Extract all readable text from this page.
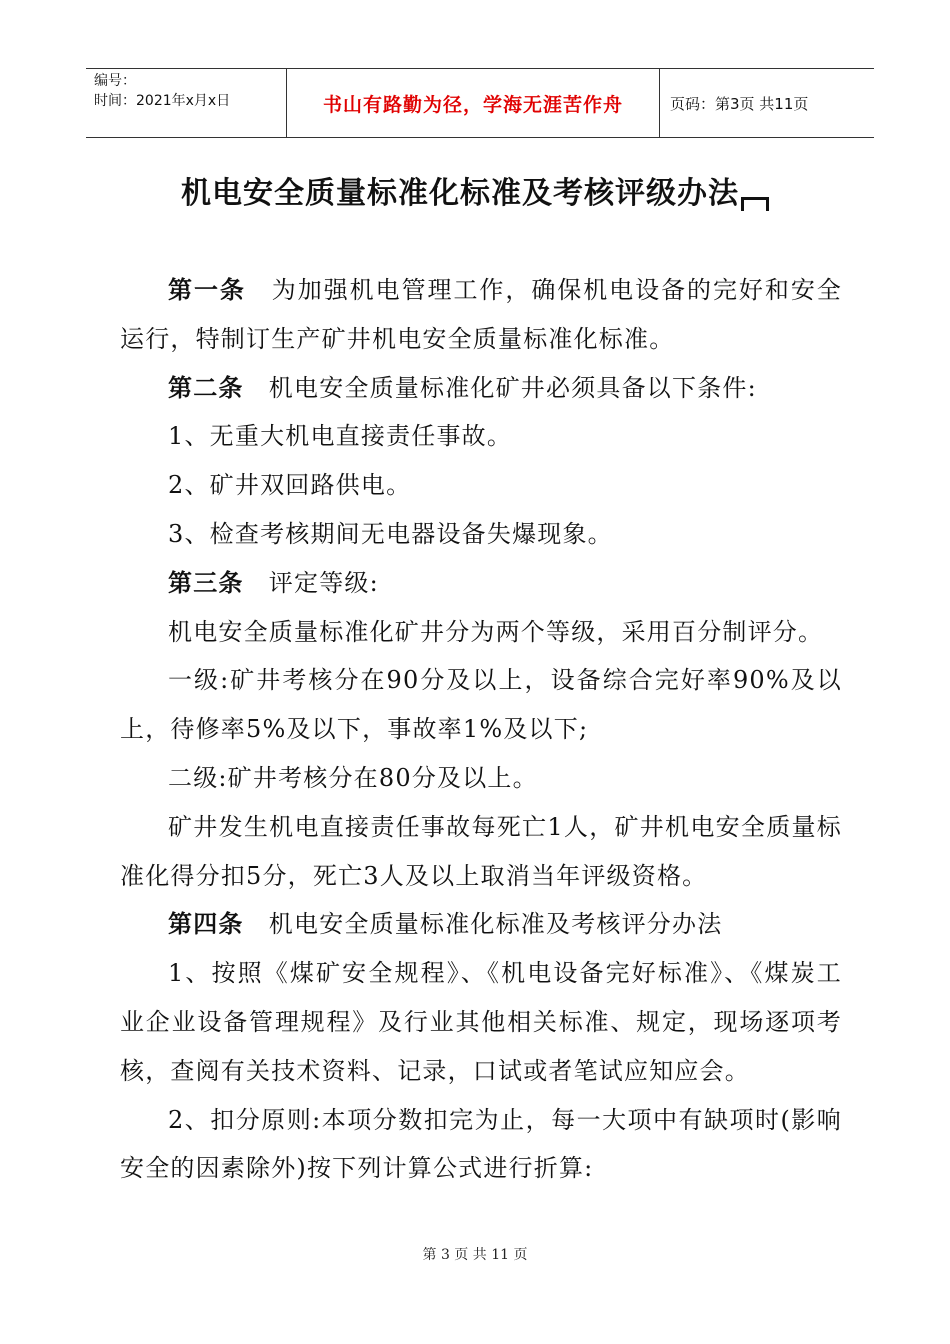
编号：
时间：2021年x月x日	书山有路勤为径，学海无涯苦作舟	页码：第3页 共11页
机电安全质量标准化标准及考核评级办法

第一条　为加强机电管理工作，确保机电设备的完好和安全运行，特制订生产矿井机电安全质量标准化标准。

第二条　机电安全质量标准化矿井必须具备以下条件:

1、无重大机电直接责任事故。

2、矿井双回路供电。

3、检查考核期间无电器设备失爆现象。

第三条　评定等级:

机电安全质量标准化矿井分为两个等级，采用百分制评分。

一级:矿井考核分在90分及以上，设备综合完好率90%及以上，待修率5%及以下，事故率1%及以下;

二级:矿井考核分在80分及以上。

矿井发生机电直接责任事故每死亡1人，矿井机电安全质量标准化得分扣5分，死亡3人及以上取消当年评级资格。

第四条　机电安全质量标准化标准及考核评分办法

1、按照《煤矿安全规程》、《机电设备完好标准》、《煤炭工业企业设备管理规程》及行业其他相关标准、规定，现场逐项考核，查阅有关技术资料、记录，口试或者笔试应知应会。

2、扣分原则:本项分数扣完为止，每一大项中有缺项时(影响安全的因素除外)按下列计算公式进行折算:

第 3 页 共 11 页
